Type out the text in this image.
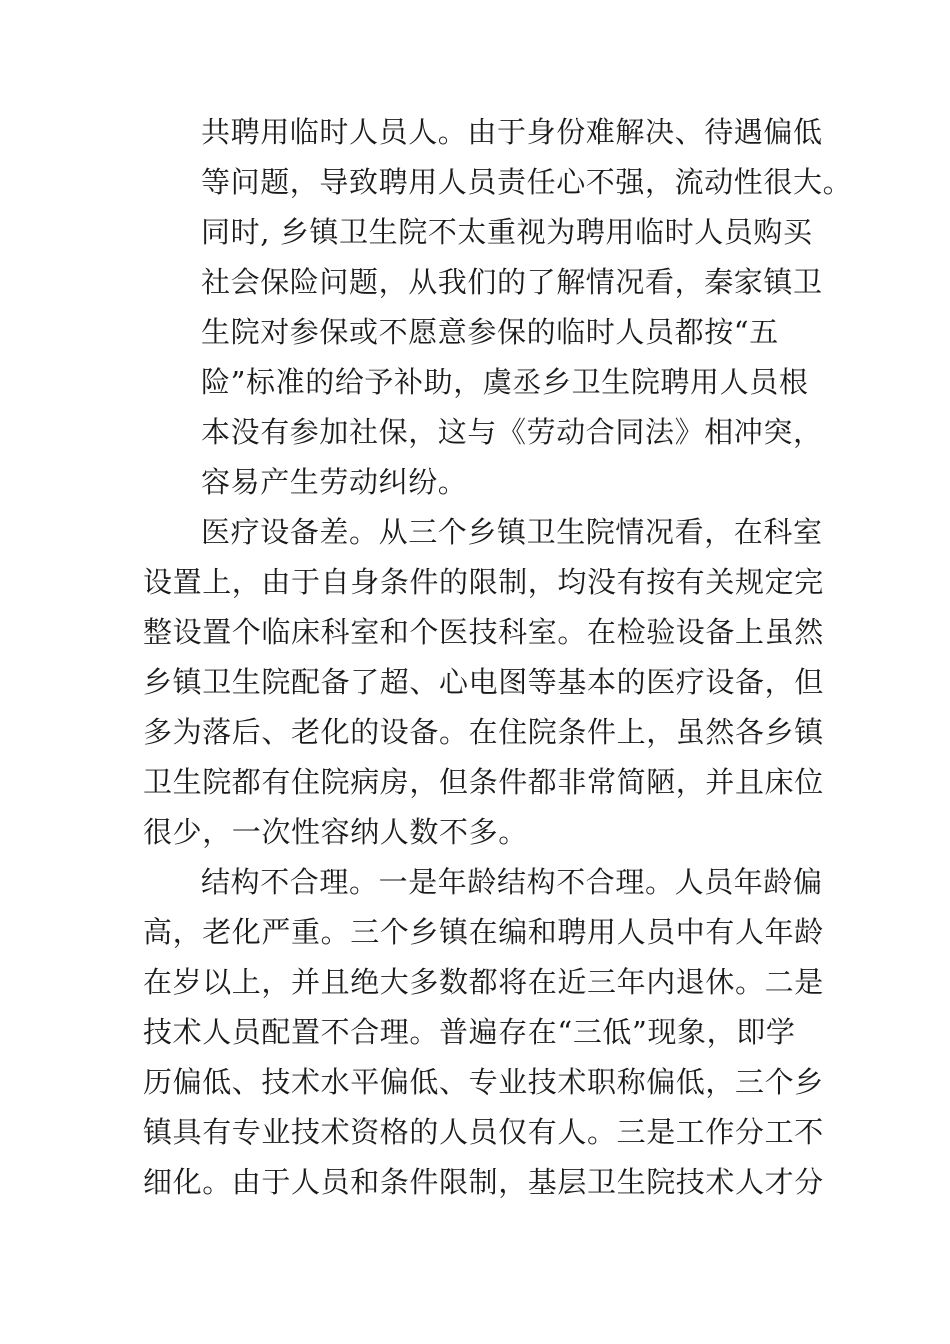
共聘用临时人员人。由于身份难解决、待遇偏低
等问题，导致聘用人员责任心不强，流动性很大。
同时, 乡镇卫生院不太重视为聘用临时人员购买
社会保险问题，从我们的了解情况看，秦家镇卫
生院对参保或不愿意参保的临时人员都按“五
险”标准的给予补助，虞丞乡卫生院聘用人员根
本没有参加社保，这与《劳动合同法》相冲突，
容易产生劳动纠纷。
医疗设备差。从三个乡镇卫生院情况看，在科室
设置上，由于自身条件的限制，均没有按有关规定完
整设置个临床科室和个医技科室。在检验设备上虽然
乡镇卫生院配备了超、心电图等基本的医疗设备，但
多为落后、老化的设备。在住院条件上，虽然各乡镇
卫生院都有住院病房，但条件都非常简陋，并且床位
很少，一次性容纳人数不多。
结构不合理。一是年龄结构不合理。人员年龄偏
高，老化严重。三个乡镇在编和聘用人员中有人年龄
在岁以上，并且绝大多数都将在近三年内退休。二是
技术人员配置不合理。普遍存在“三低”现象，即学
历偏低、技术水平偏低、专业技术职称偏低，三个乡
镇具有专业技术资格的人员仅有人。三是工作分工不
细化。由于人员和条件限制，基层卫生院技术人才分
